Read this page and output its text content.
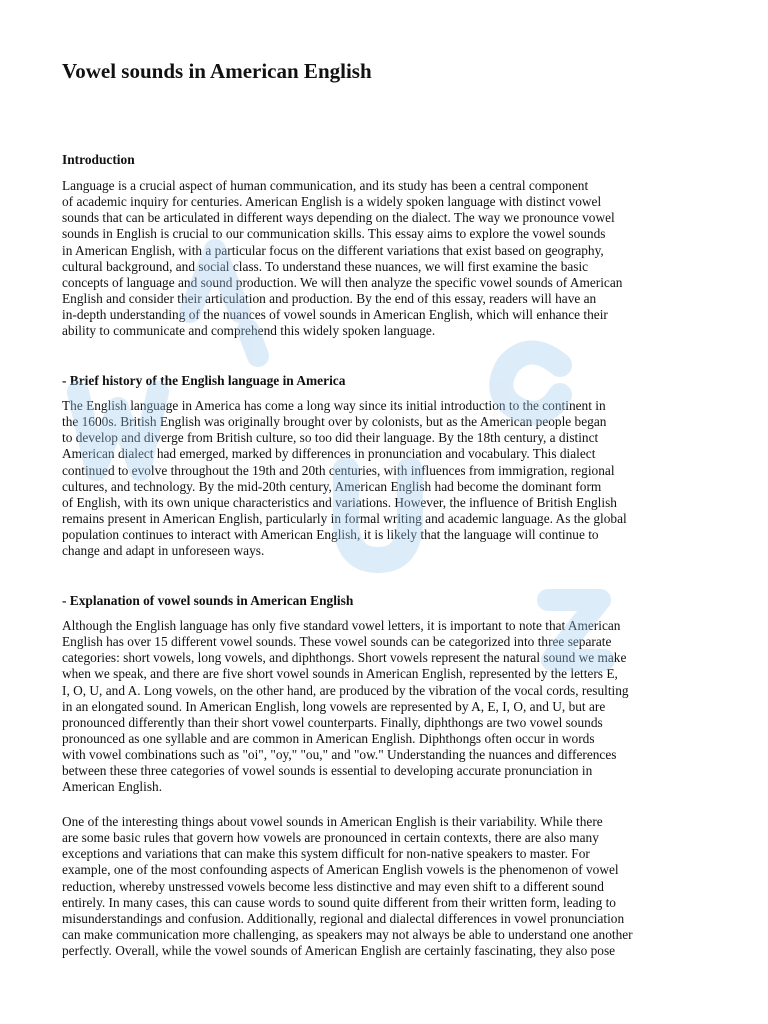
Vowel sounds in American English
Introduction
Language is a crucial aspect of human communication, and its study has been a central component
of academic inquiry for centuries. American English is a widely spoken language with distinct vowel
sounds that can be articulated in different ways depending on the dialect. The way we pronounce vowel
sounds in English is crucial to our communication skills. This essay aims to explore the vowel sounds
in American English, with a particular focus on the different variations that exist based on geography,
cultural background, and social class. To understand these nuances, we will first examine the basic
concepts of language and sound production. We will then analyze the specific vowel sounds of American
English and consider their articulation and production. By the end of this essay, readers will have an
in-depth understanding of the nuances of vowel sounds in American English, which will enhance their
ability to communicate and comprehend this widely spoken language.
- Brief history of the English language in America
The English language in America has come a long way since its initial introduction to the continent in
the 1600s. British English was originally brought over by colonists, but as the American people began
to develop and diverge from British culture, so too did their language. By the 18th century, a distinct
American dialect had emerged, marked by differences in pronunciation and vocabulary. This dialect
continued to evolve throughout the 19th and 20th centuries, with influences from immigration, regional
cultures, and technology. By the mid-20th century, American English had become the dominant form
of English, with its own unique characteristics and variations. However, the influence of British English
remains present in American English, particularly in formal writing and academic language. As the global
population continues to interact with American English, it is likely that the language will continue to
change and adapt in unforeseen ways.
- Explanation of vowel sounds in American English
Although the English language has only five standard vowel letters, it is important to note that American
English has over 15 different vowel sounds. These vowel sounds can be categorized into three separate
categories: short vowels, long vowels, and diphthongs. Short vowels represent the natural sound we make
when we speak, and there are five short vowel sounds in American English, represented by the letters E,
I, O, U, and A. Long vowels, on the other hand, are produced by the vibration of the vocal cords, resulting
in an elongated sound. In American English, long vowels are represented by A, E, I, O, and U, but are
pronounced differently than their short vowel counterparts. Finally, diphthongs are two vowel sounds
pronounced as one syllable and are common in American English. Diphthongs often occur in words
with vowel combinations such as "oi", "oy," "ou," and "ow." Understanding the nuances and differences
between these three categories of vowel sounds is essential to developing accurate pronunciation in
American English.
One of the interesting things about vowel sounds in American English is their variability. While there
are some basic rules that govern how vowels are pronounced in certain contexts, there are also many
exceptions and variations that can make this system difficult for non-native speakers to master. For
example, one of the most confounding aspects of American English vowels is the phenomenon of vowel
reduction, whereby unstressed vowels become less distinctive and may even shift to a different sound
entirely. In many cases, this can cause words to sound quite different from their written form, leading to
misunderstandings and confusion. Additionally, regional and dialectal differences in vowel pronunciation
can make communication more challenging, as speakers may not always be able to understand one another
perfectly. Overall, while the vowel sounds of American English are certainly fascinating, they also pose
